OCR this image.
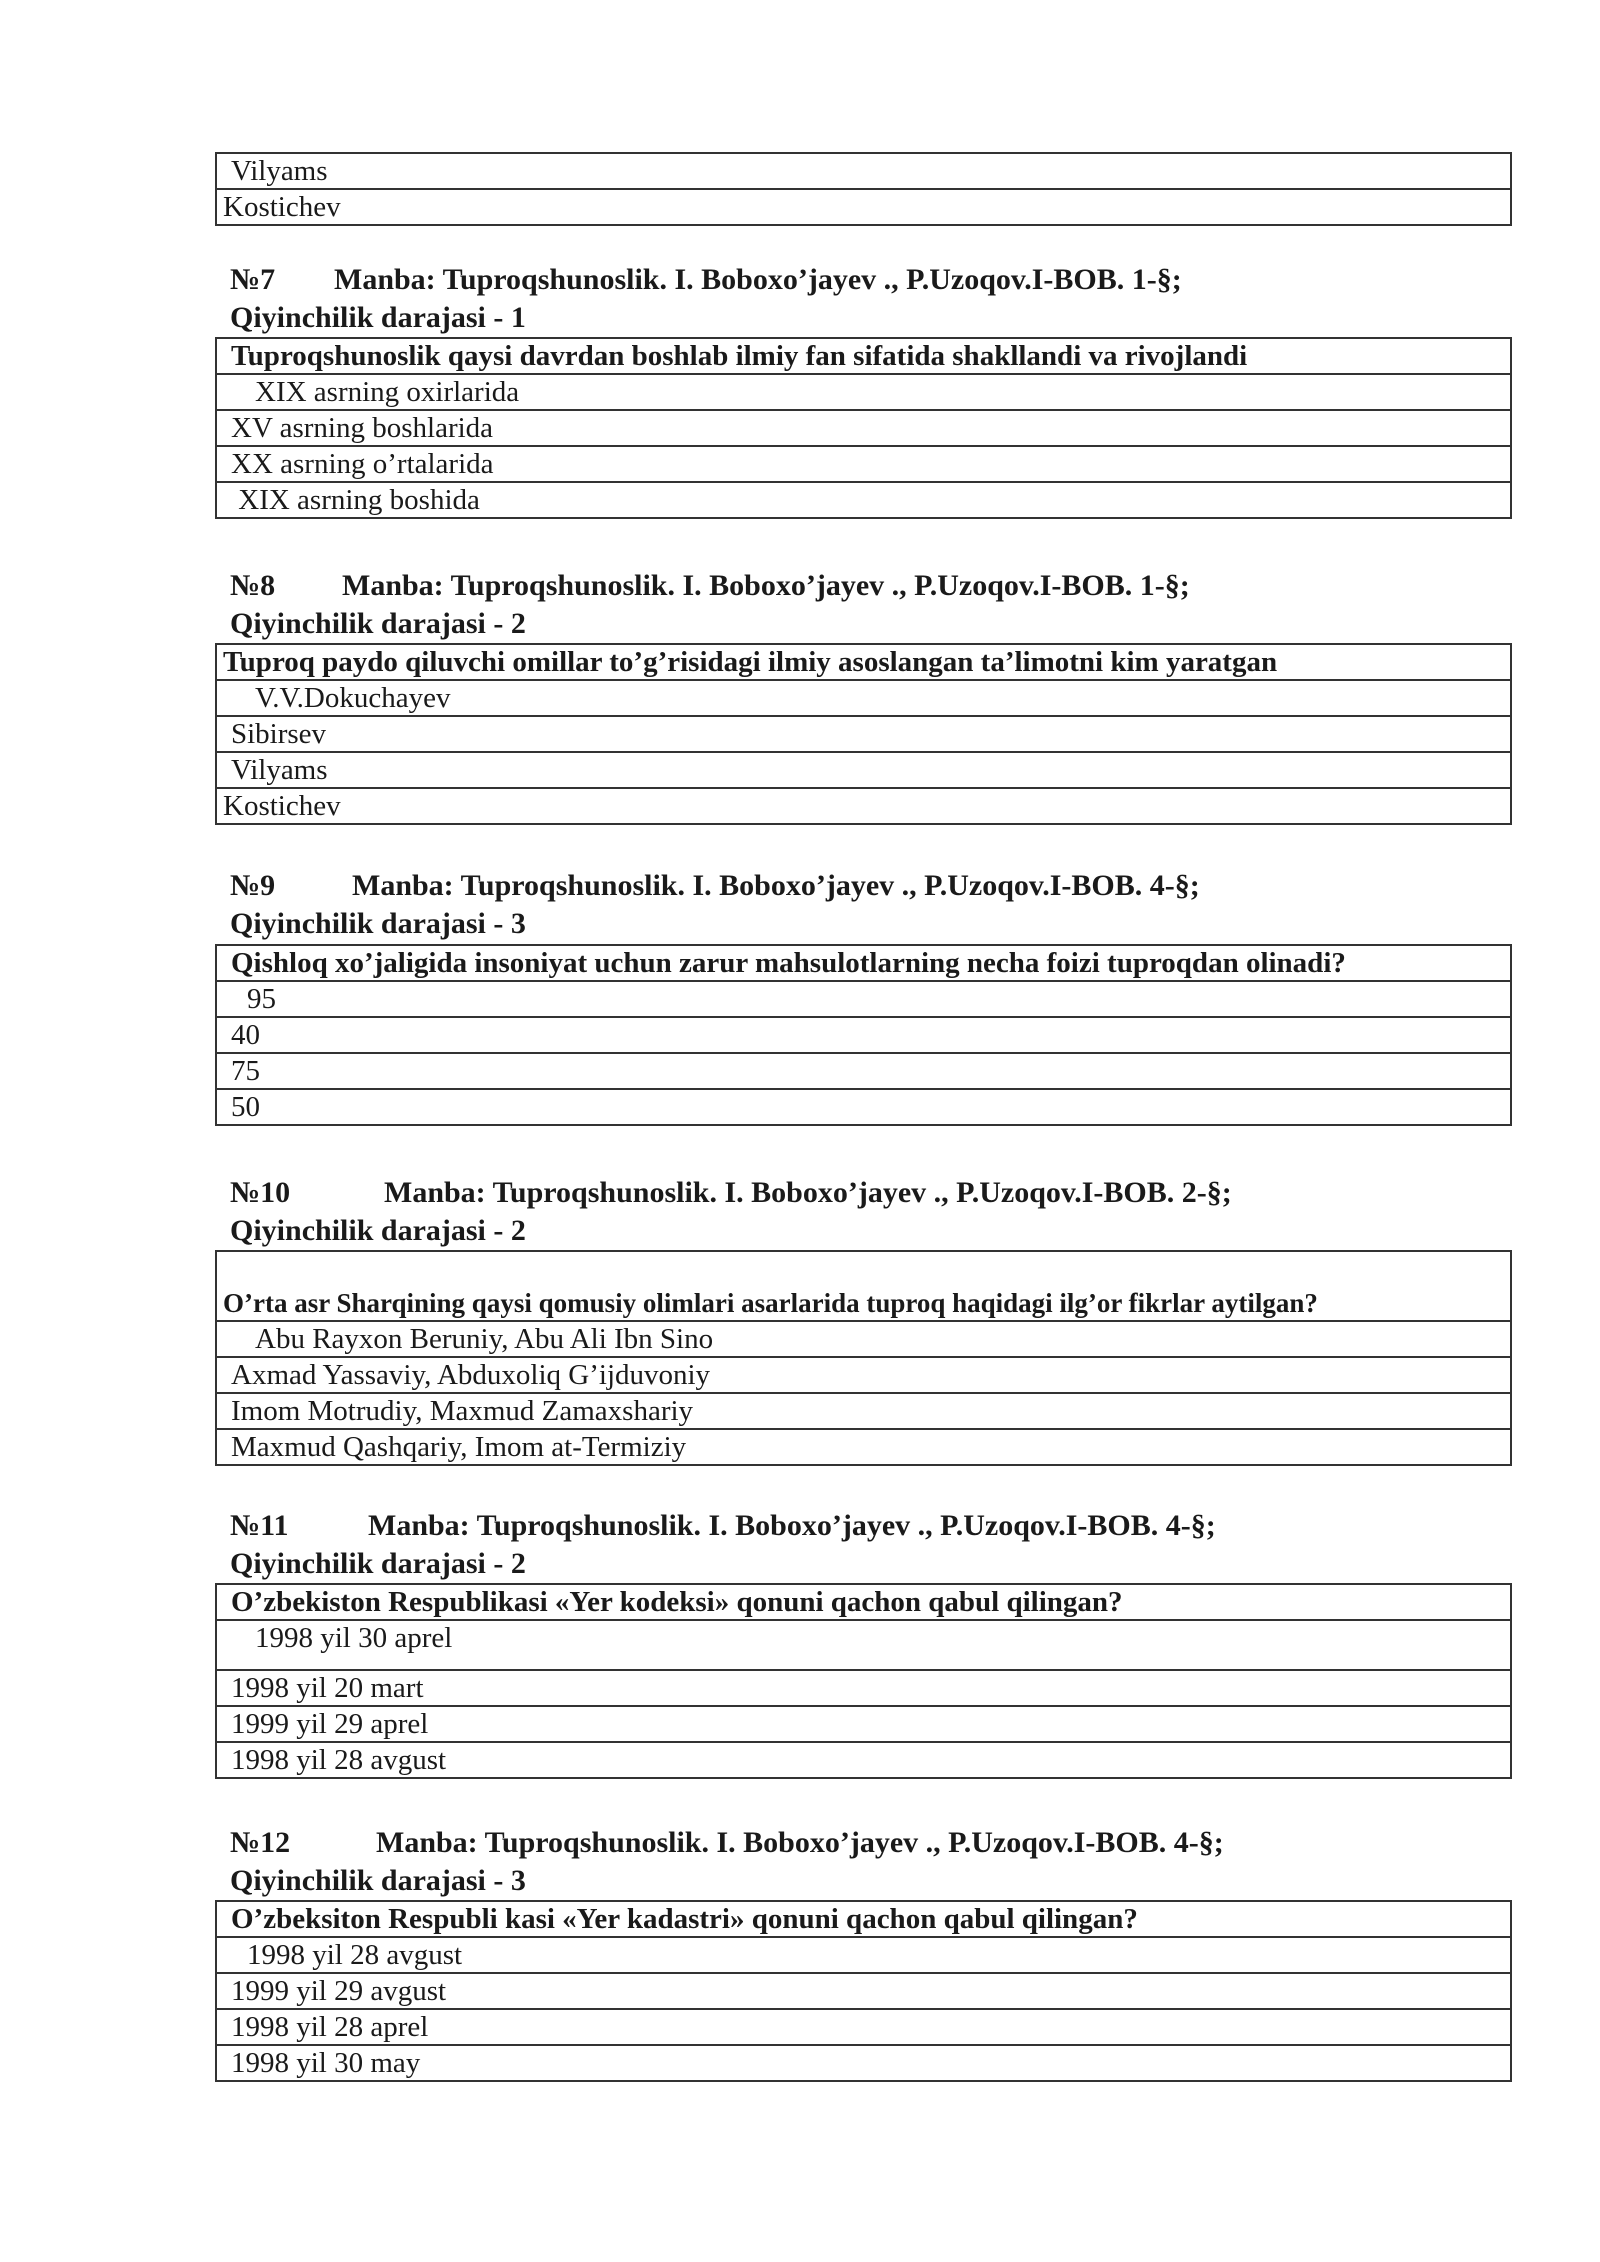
Vilyams
Kostichev
№7 Manba: Tuproqshunoslik. I. Boboxo’jayev ., P.Uzoqov.I-BOB. 1-§;
Qiyinchilik darajasi - 1
Tuproqshunoslik qaysi davrdan boshlab ilmiy fan sifatida shakllandi va rivojlandi
XIX asrning oxirlarida
XV asrning boshlarida
XX asrning o’rtalarida
XIX asrning boshida
№8 Manba: Tuproqshunoslik. I. Boboxo’jayev ., P.Uzoqov.I-BOB. 1-§;
Qiyinchilik darajasi - 2
Tuproq paydo qiluvchi omillar to’g’risidagi ilmiy asoslangan ta’limotni kim yaratgan
V.V.Dokuchayev
Sibirsev
Vilyams
Kostichev
№9	Manba: Tuproqshunoslik. I. Boboxo’jayev ., P.Uzoqov.I-BOB. 4-§;
Qiyinchilik darajasi - 3
Qishloq xo’jaligida insoniyat uchun zarur mahsulotlarning necha foizi tuproqdan olinadi?
95
40
75
50
№10	Manba: Tuproqshunoslik. I. Boboxo’jayev ., P.Uzoqov.I-BOB. 2-§;
Qiyinchilik darajasi - 2
O’rta asr Sharqining qaysi qomusiy olimlari asarlarida tuproq haqidagi ilg’or fikrlar aytilgan?
Abu Rayxon Beruniy, Abu Ali Ibn Sino
Axmad Yassaviy, Abduxoliq G’ijduvoniy
Imom Motrudiy, Maxmud Zamaxshariy
Maxmud Qashqariy, Imom at-Termiziy
№11	Manba: Tuproqshunoslik. I. Boboxo’jayev ., P.Uzoqov.I-BOB. 4-§;
Qiyinchilik darajasi - 2
O’zbekiston Respublikasi «Yer kodeksi» qonuni qachon qabul qilingan?
1998 yil 30 aprel
1998 yil 20 mart
1999 yil 29 aprel
1998 yil 28 avgust
№12	Manba: Tuproqshunoslik. I. Boboxo’jayev ., P.Uzoqov.I-BOB. 4-§;
Qiyinchilik darajasi - 3
O’zbeksiton Respubli kasi «Yer kadastri» qonuni qachon qabul qilingan?
1998 yil 28 avgust
1999 yil 29 avgust
1998 yil 28 aprel
1998 yil 30 may
